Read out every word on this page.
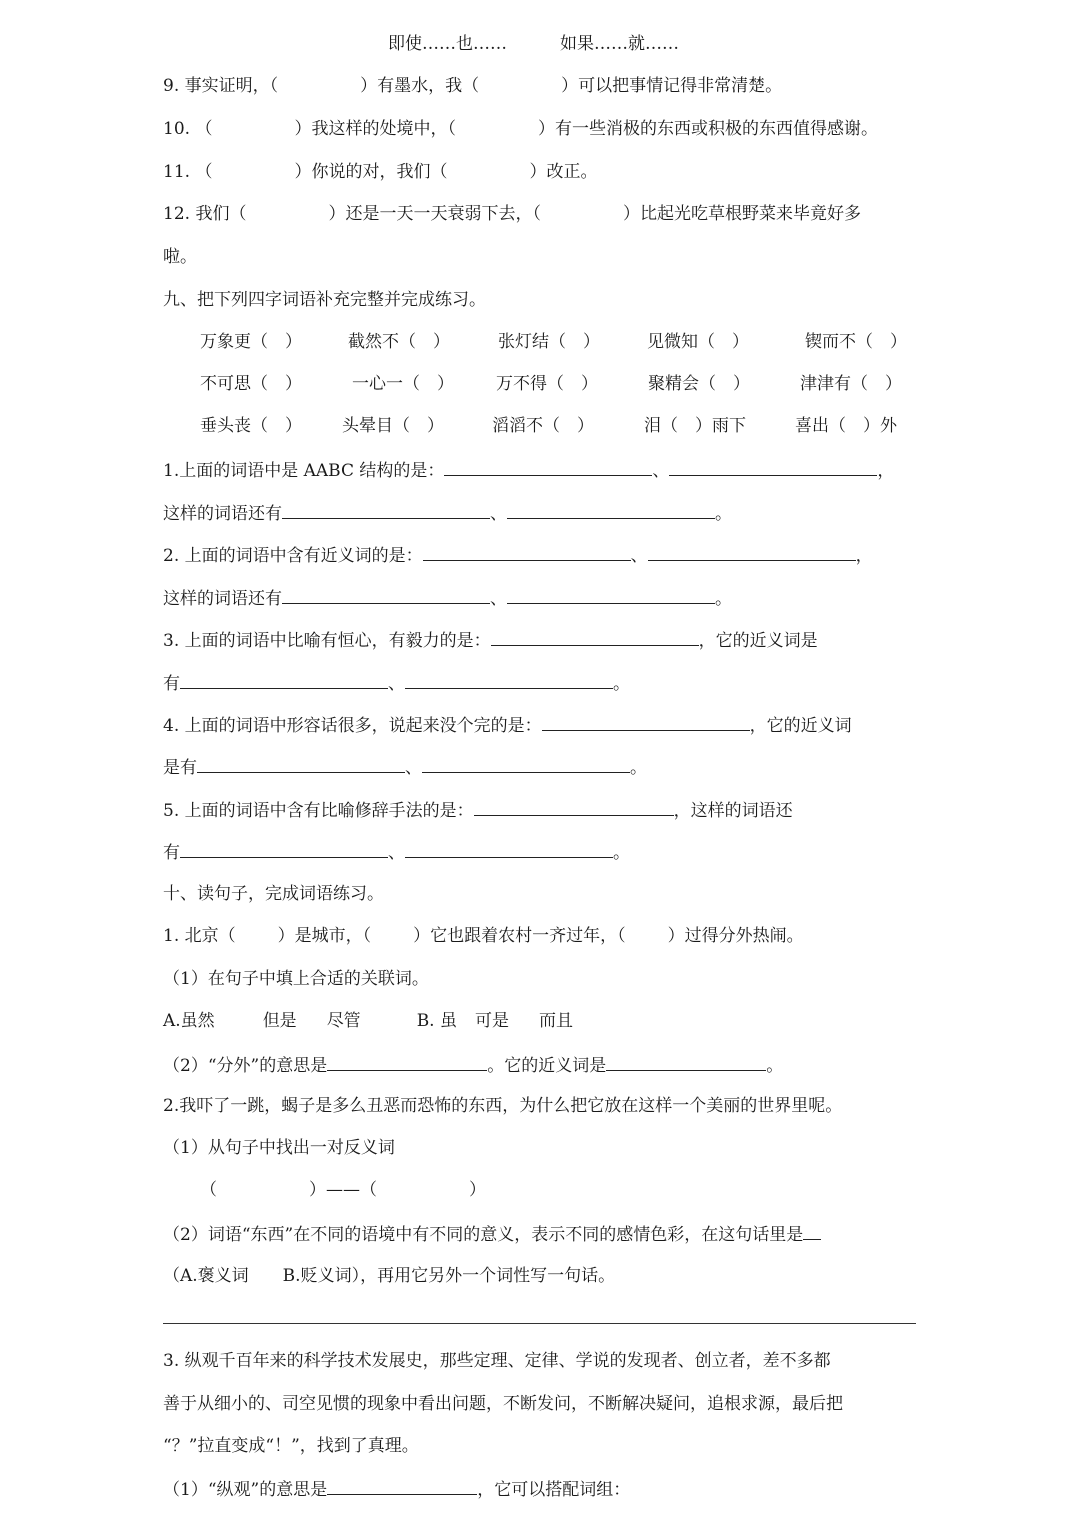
即使……也……	如果……就……
9. 事实证明，（	）有墨水，我（	）可以把事情记得非常清楚。
10. （	）我这样的处境中，（	）有一些消极的东西或积极的东西值得感谢。
11. （	）你说的对，我们（	）改正。
12. 我们（	）还是一天一天衰弱下去，（	）比起光吃草根野菜来毕竟好多
啦。
九、把下列四字词语补充完整并完成练习。
万象更（　）	截然不（　）	张灯结（　）	见微知（　）	锲而不（　）
不可思（　）	一心一（　） 万不得（　）	聚精会（　）	津津有（　）
垂头丧（　） 头晕目（　）	滔滔不（　）	泪（　）雨下	喜出（　）外
1.上面的词语中是 AABC 结构的是：	、	，
这样的词语还有	、	。
2. 上面的词语中含有近义词的是：	、	，
这样的词语还有	、	。
3. 上面的词语中比喻有恒心，有毅力的是：	，它的近义词是
有	、	。
4. 上面的词语中形容话很多，说起来没个完的是：	，它的近义词
是有	、	。
5. 上面的词语中含有比喻修辞手法的是：	，这样的词语还
有	、	。
十、读句子，完成词语练习。
1. 北京（ ）是城市，（ ）它也跟着农村一齐过年，（ ）过得分外热闹。
（1）在句子中填上合适的关联词。
A.虽然	但是 尽管	B. 虽 可是 而且
（2）“分外”的意思是	。它的近义词是	。
2.我吓了一跳，蝎子是多么丑恶而恐怖的东西，为什么把它放在这样一个美丽的世界里呢。
（1）从句子中找出一对反义词
（	）——（	）
（2）词语“东西”在不同的语境中有不同的意义，表示不同的感情色彩，在这句话里是
（A.褒义词　　B.贬义词），再用它另外一个词性写一句话。
3. 纵观千百年来的科学技术发展史，那些定理、定律、学说的发现者、创立者，差不多都
善于从细小的、司空见惯的现象中看出问题，不断发问，不断解决疑问，追根求源，最后把
“？”拉直变成“！”，找到了真理。
（1）“纵观”的意思是	，它可以搭配词组：
